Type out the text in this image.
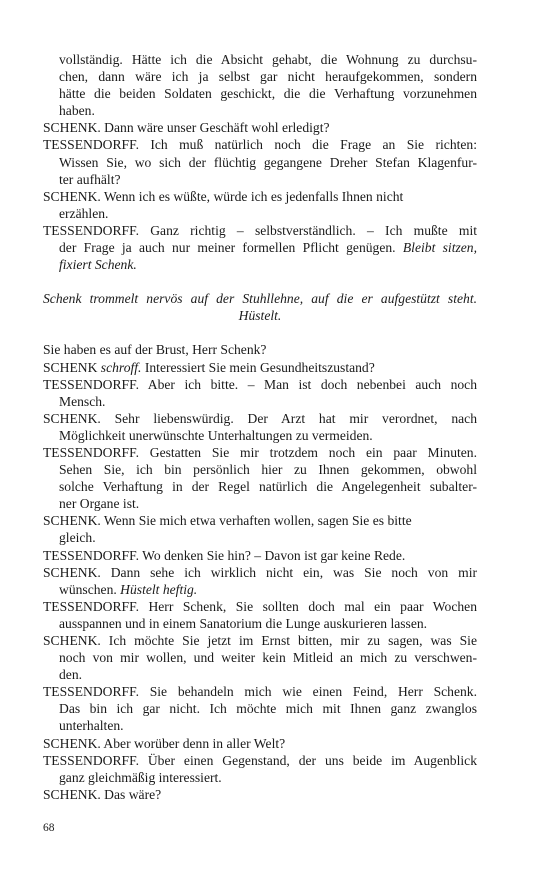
vollständig. Hätte ich die Absicht gehabt, die Wohnung zu durchsu-
chen, dann wäre ich ja selbst gar nicht heraufgekommen, sondern
hätte die beiden Soldaten geschickt, die die Verhaftung vorzunehmen
haben.
SCHENK. Dann wäre unser Geschäft wohl erledigt?
TESSENDORFF. Ich muß natürlich noch die Frage an Sie richten:
Wissen Sie, wo sich der flüchtig gegangene Dreher Stefan Klagenfur-
ter aufhält?
SCHENK. Wenn ich es wüßte, würde ich es jedenfalls Ihnen nicht
erzählen.
TESSENDORFF. Ganz richtig – selbstverständlich. – Ich mußte mit
der Frage ja auch nur meiner formellen Pflicht genügen. Bleibt sitzen,
fixiert Schenk.
Schenk trommelt nervös auf der Stuhllehne, auf die er aufgestützt steht.
Hüstelt.
Sie haben es auf der Brust, Herr Schenk?
SCHENK schroff. Interessiert Sie mein Gesundheitszustand?
TESSENDORFF. Aber ich bitte. – Man ist doch nebenbei auch noch
Mensch.
SCHENK. Sehr liebenswürdig. Der Arzt hat mir verordnet, nach
Möglichkeit unerwünschte Unterhaltungen zu vermeiden.
TESSENDORFF. Gestatten Sie mir trotzdem noch ein paar Minuten.
Sehen Sie, ich bin persönlich hier zu Ihnen gekommen, obwohl
solche Verhaftung in der Regel natürlich die Angelegenheit subalter-
ner Organe ist.
SCHENK. Wenn Sie mich etwa verhaften wollen, sagen Sie es bitte
gleich.
TESSENDORFF. Wo denken Sie hin? – Davon ist gar keine Rede.
SCHENK. Dann sehe ich wirklich nicht ein, was Sie noch von mir
wünschen. Hüstelt heftig.
TESSENDORFF. Herr Schenk, Sie sollten doch mal ein paar Wochen
ausspannen und in einem Sanatorium die Lunge auskurieren lassen.
SCHENK. Ich möchte Sie jetzt im Ernst bitten, mir zu sagen, was Sie
noch von mir wollen, und weiter kein Mitleid an mich zu verschwen-
den.
TESSENDORFF. Sie behandeln mich wie einen Feind, Herr Schenk.
Das bin ich gar nicht. Ich möchte mich mit Ihnen ganz zwanglos
unterhalten.
SCHENK. Aber worüber denn in aller Welt?
TESSENDORFF. Über einen Gegenstand, der uns beide im Augenblick
ganz gleichmäßig interessiert.
SCHENK. Das wäre?
68
